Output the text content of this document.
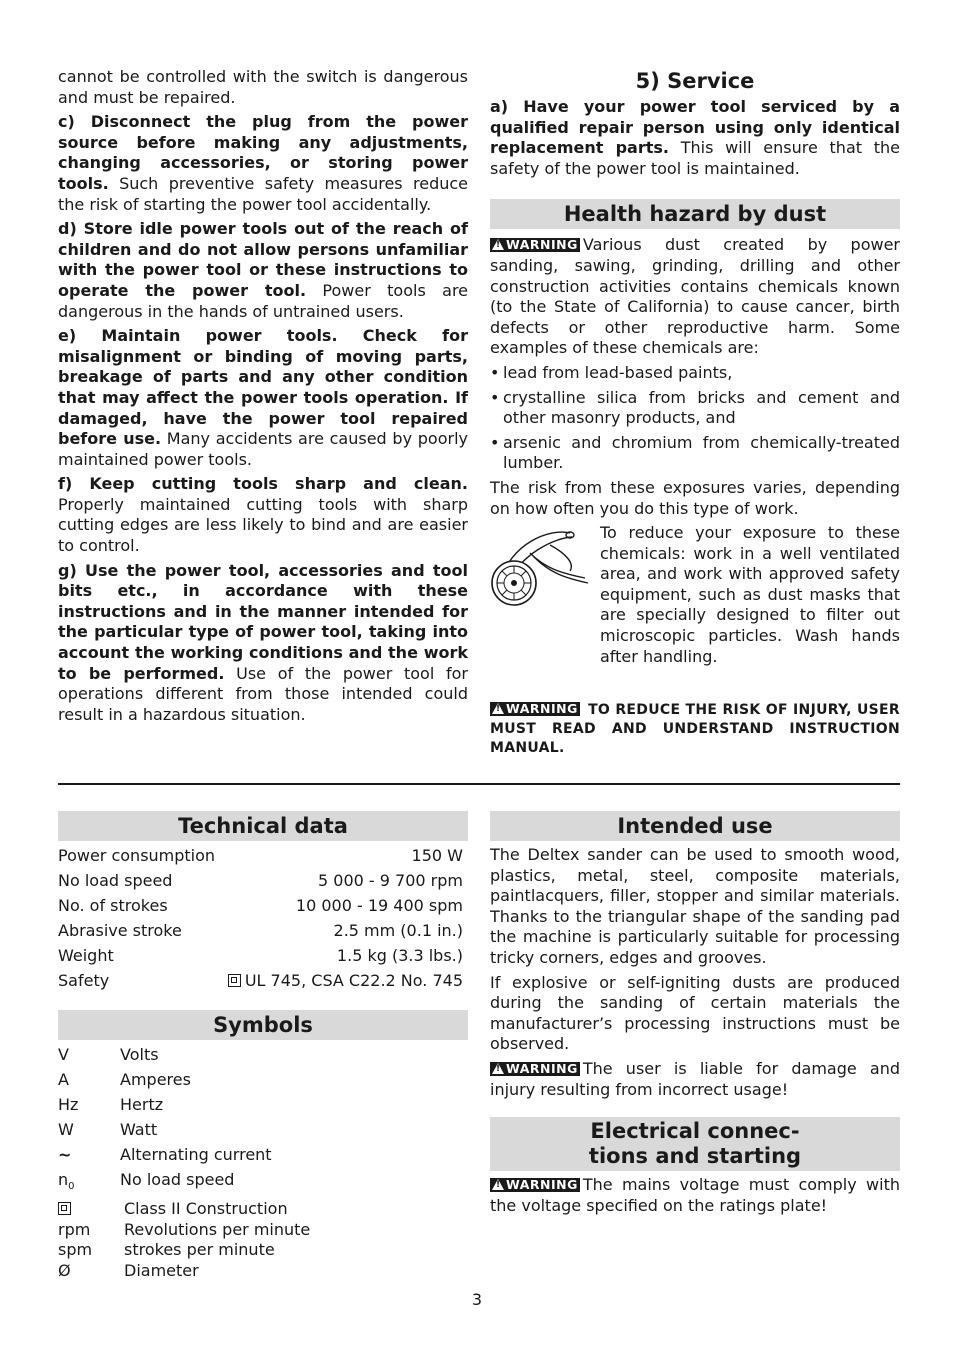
cannot be controlled with the switch is dangerous and must be repaired.

c) Disconnect the plug from the power source before making any adjustments, changing accessories, or storing power tools. Such preventive safety measures reduce the risk of starting the power tool accidentally.

d) Store idle power tools out of the reach of children and do not allow persons unfamiliar with the power tool or these instructions to operate the power tool. Power tools are dangerous in the hands of untrained users.

e) Maintain power tools. Check for misalignment or binding of moving parts, breakage of parts and any other condition that may affect the power tools operation. If damaged, have the power tool repaired before use. Many accidents are caused by poorly maintained power tools.

f) Keep cutting tools sharp and clean. Properly maintained cutting tools with sharp cutting edges are less likely to bind and are easier to control.

g) Use the power tool, accessories and tool bits etc., in accordance with these instructions and in the manner intended for the particular type of power tool, taking into account the working conditions and the work to be performed. Use of the power tool for operations different from those intended could result in a hazardous situation.

5) Service

a) Have your power tool serviced by a qualified repair person using only identical replacement parts. This will ensure that the safety of the power tool is maintained.

Health hazard by dust

!WARNING Various dust created by power sanding, sawing, grinding, drilling and other construction activities contains chemicals known (to the State of California) to cause cancer, birth defects or other reproductive harm. Some examples of these chemicals are:

• lead from lead-based paints,
• crystalline silica from bricks and cement and other masonry products, and
• arsenic and chromium from chemically-treated lumber.

The risk from these exposures varies, depending on how often you do this type of work.

To reduce your exposure to these chemicals: work in a well ventilated area, and work with approved safety equipment, such as dust masks that are specially designed to filter out microscopic particles. Wash hands after handling.

!WARNING TO REDUCE THE RISK OF INJURY, USER MUST READ AND UNDERSTAND INSTRUCTION MANUAL.
Technical data
Power consumption	150 W
No load speed	5 000 - 9 700 rpm
No. of strokes	10 000 - 19 400 spm
Abrasive stroke	2.5 mm (0.1 in.)
Weight	1.5 kg (3.3 lbs.)
Safety	UL 745, CSA C22.2 No. 745
Symbols
V	Volts
A	Amperes
Hz	Hertz
W	Watt
~	Alternating current
$n_0$	No load speed
Class II Construction
rpm	Revolutions per minute
spm	strokes per minute
Ø	Diameter
Intended use

The Deltex sander can be used to smooth wood, plastics, metal, steel, composite materials, paintlacquers, filler, stopper and similar materials. Thanks to the triangular shape of the sanding pad the machine is particularly suitable for processing tricky corners, edges and grooves.

If explosive or self-igniting dusts are produced during the sanding of certain materials the manufacturer’s processing instructions must be observed.

!WARNING The user is liable for damage and injury resulting from incorrect usage!

Electrical connec-
tions and starting

!WARNING The mains voltage must comply with the voltage specified on the ratings plate!

3
